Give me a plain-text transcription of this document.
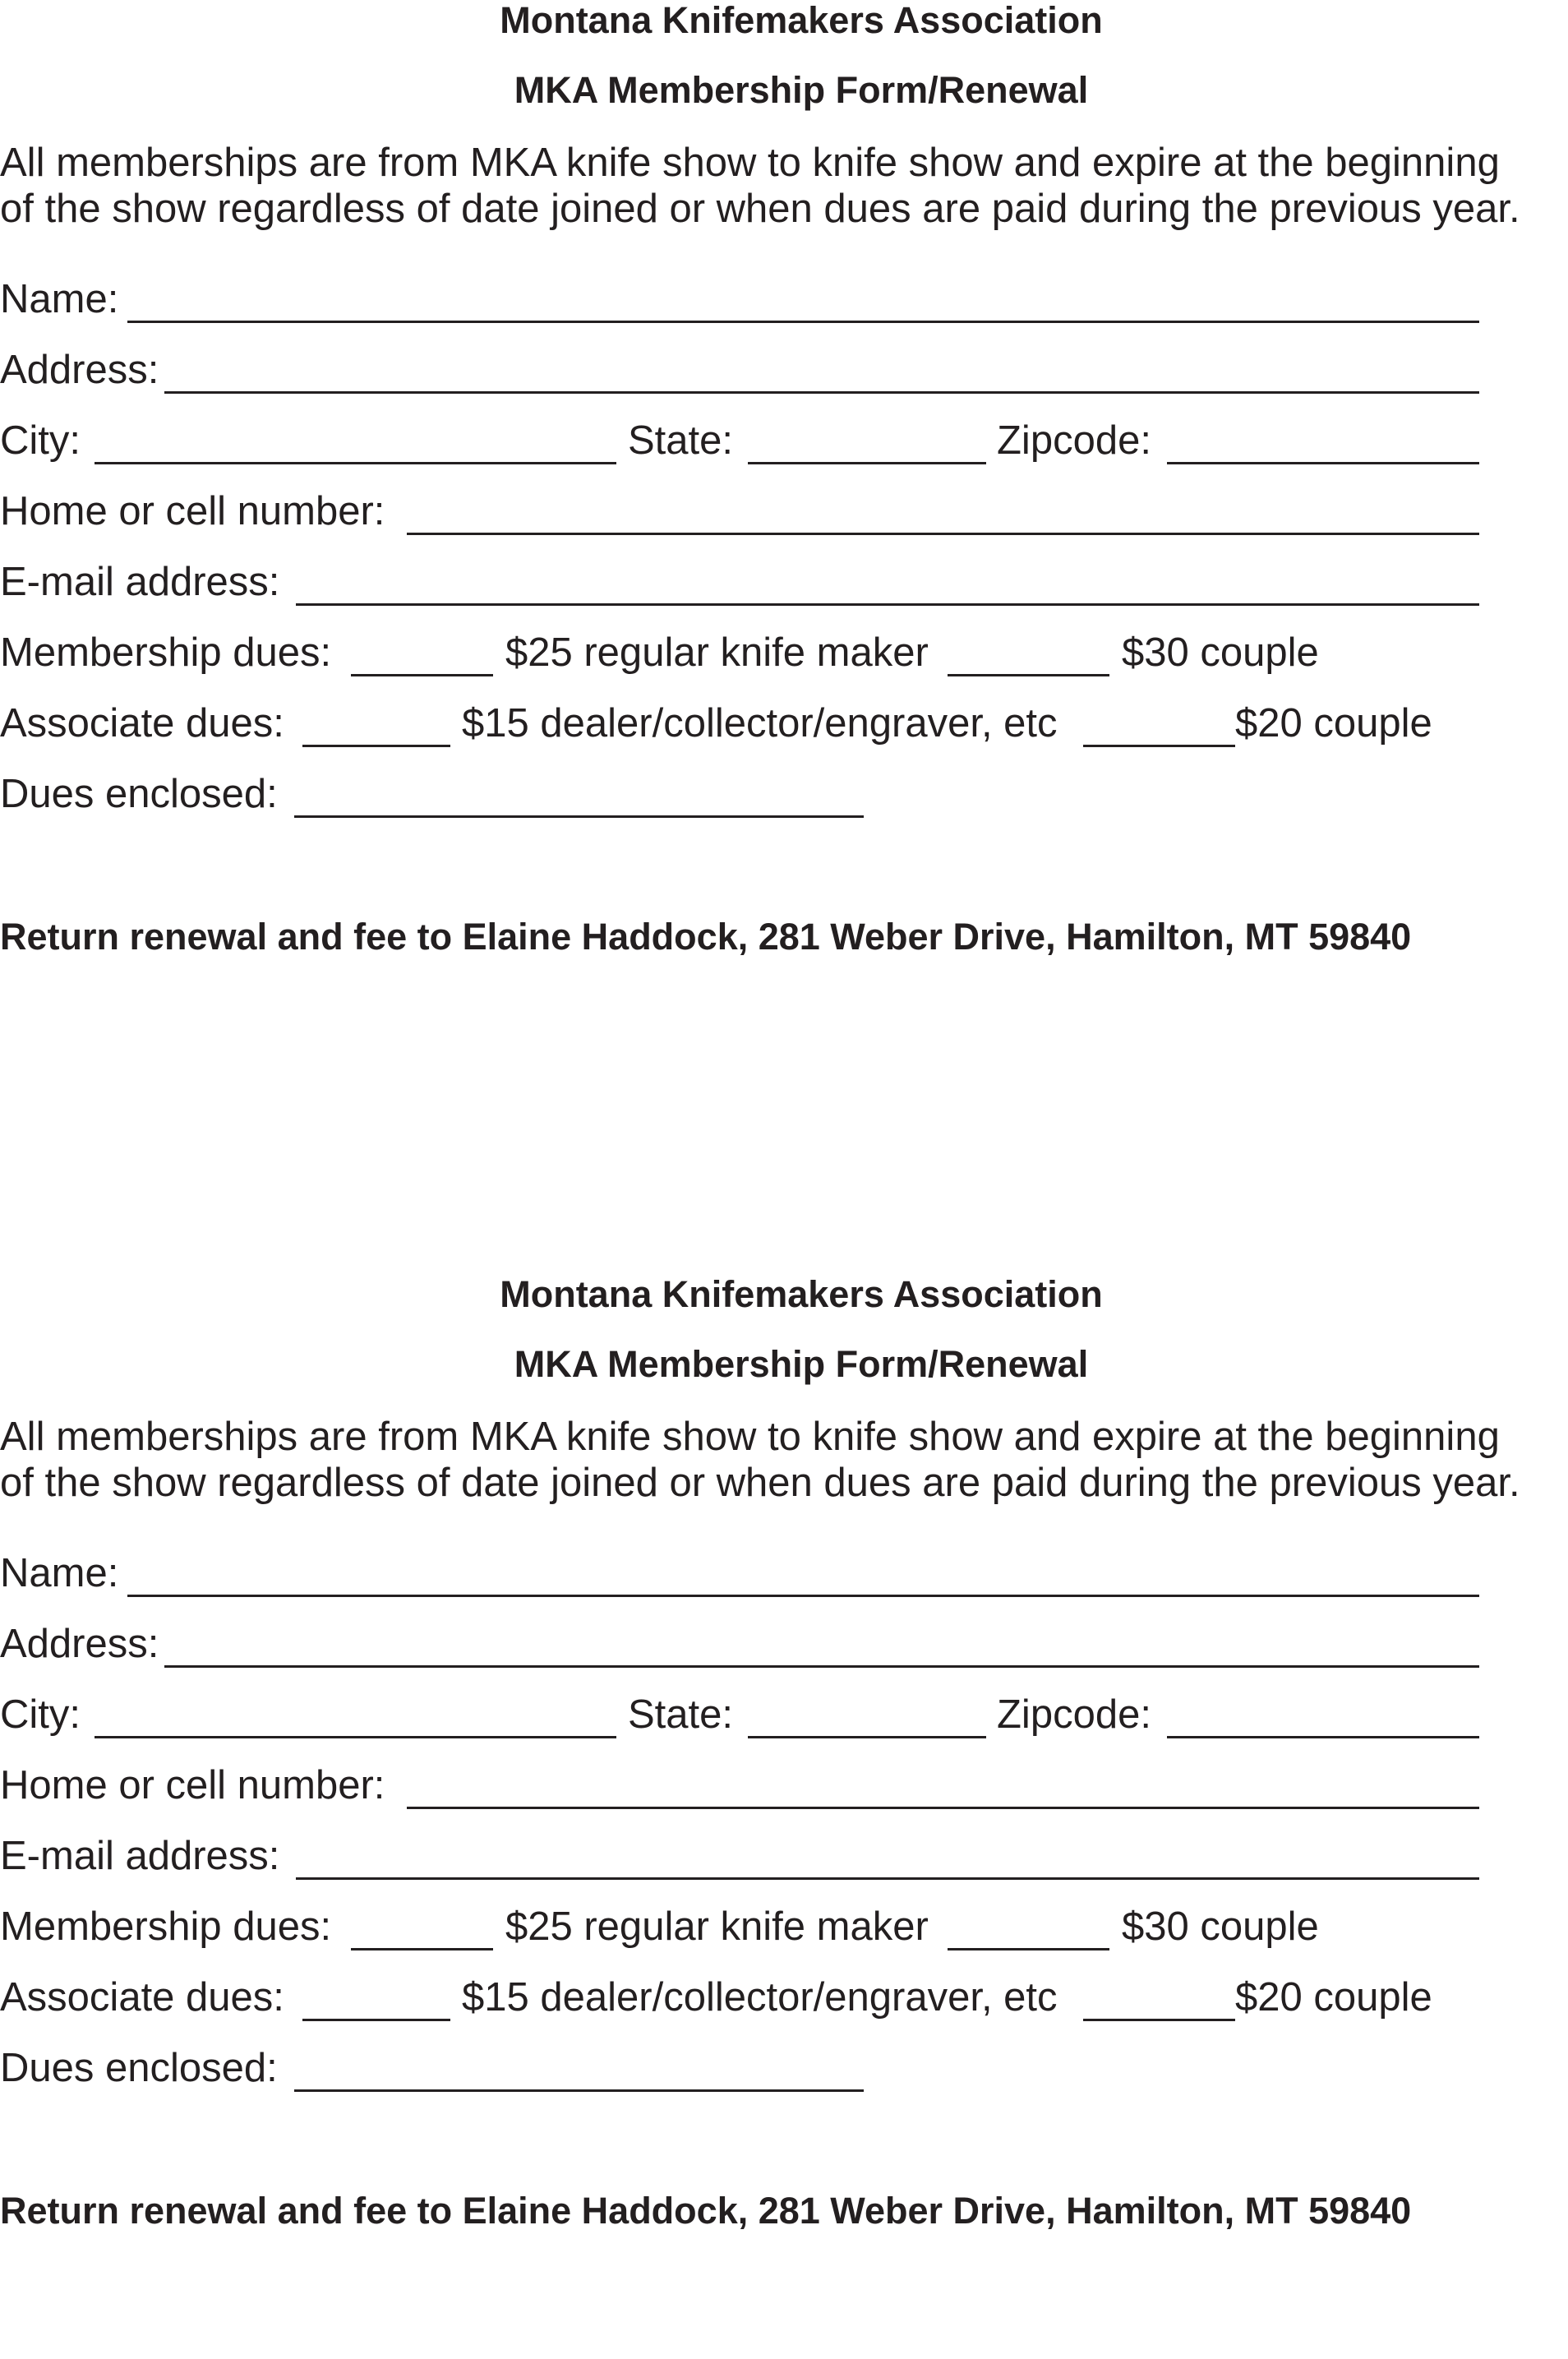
Montana Knifemakers Association
MKA Membership Form/Renewal
All memberships are from MKA knife show to knife show and expire at the beginning
of the show regardless of date joined or when dues are paid during the previous year.
Name:
Address:
City:	State:	Zipcode:
Home or cell number:
E-mail address:
Membership dues:	$25 regular knife maker	$30 couple
Associate dues:	$15 dealer/collector/engraver, etc	$20 couple
Dues enclosed:
Return renewal and fee to Elaine Haddock, 281 Weber Drive, Hamilton, MT 59840
Montana Knifemakers Association
MKA Membership Form/Renewal
All memberships are from MKA knife show to knife show and expire at the beginning
of the show regardless of date joined or when dues are paid during the previous year.
Name:
Address:
City:	State:	Zipcode:
Home or cell number:
E-mail address:
Membership dues:	$25 regular knife maker	$30 couple
Associate dues:	$15 dealer/collector/engraver, etc	$20 couple
Dues enclosed:
Return renewal and fee to Elaine Haddock, 281 Weber Drive, Hamilton, MT 59840
